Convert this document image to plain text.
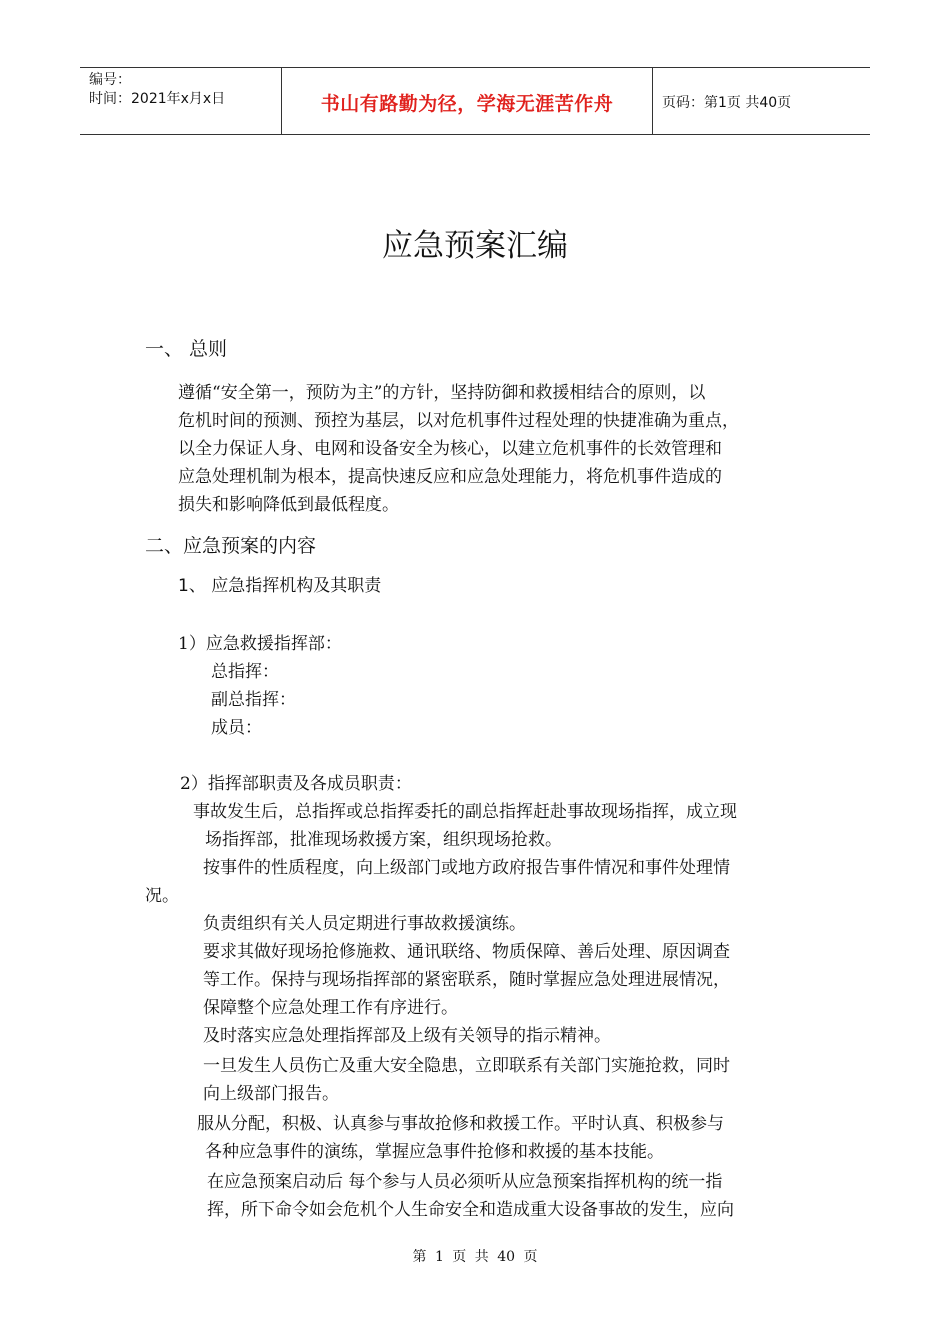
编号：
时间：2021年x月x日	书山有路勤为径，学海无涯苦作舟	页码：第1页 共40页
应急预案汇编
一、 总则
遵循“安全第一，预防为主”的方针，坚持防御和救援相结合的原则，以
危机时间的预测、预控为基层，以对危机事件过程处理的快捷准确为重点，
以全力保证人身、电网和设备安全为核心，以建立危机事件的长效管理和
应急处理机制为根本，提高快速反应和应急处理能力，将危机事件造成的
损失和影响降低到最低程度。
二、应急预案的内容
1、 应急指挥机构及其职责
1）应急救援指挥部：
总指挥：
副总指挥：
成员：
2）指挥部职责及各成员职责：
事故发生后，总指挥或总指挥委托的副总指挥赶赴事故现场指挥，成立现
场指挥部，批准现场救援方案，组织现场抢救。
按事件的性质程度，向上级部门或地方政府报告事件情况和事件处理情
况。
负责组织有关人员定期进行事故救援演练。
要求其做好现场抢修施救、通讯联络、物质保障、善后处理、原因调查
等工作。保持与现场指挥部的紧密联系，随时掌握应急处理进展情况，
保障整个应急处理工作有序进行。
及时落实应急处理指挥部及上级有关领导的指示精神。
一旦发生人员伤亡及重大安全隐患，立即联系有关部门实施抢救，同时
向上级部门报告。
服从分配，积极、认真参与事故抢修和救援工作。平时认真、积极参与
各种应急事件的演练，掌握应急事件抢修和救援的基本技能。
在应急预案启动后 每个参与人员必须听从应急预案指挥机构的统一指
挥，所下命令如会危机个人生命安全和造成重大设备事故的发生，应向
第 1 页 共 40 页
